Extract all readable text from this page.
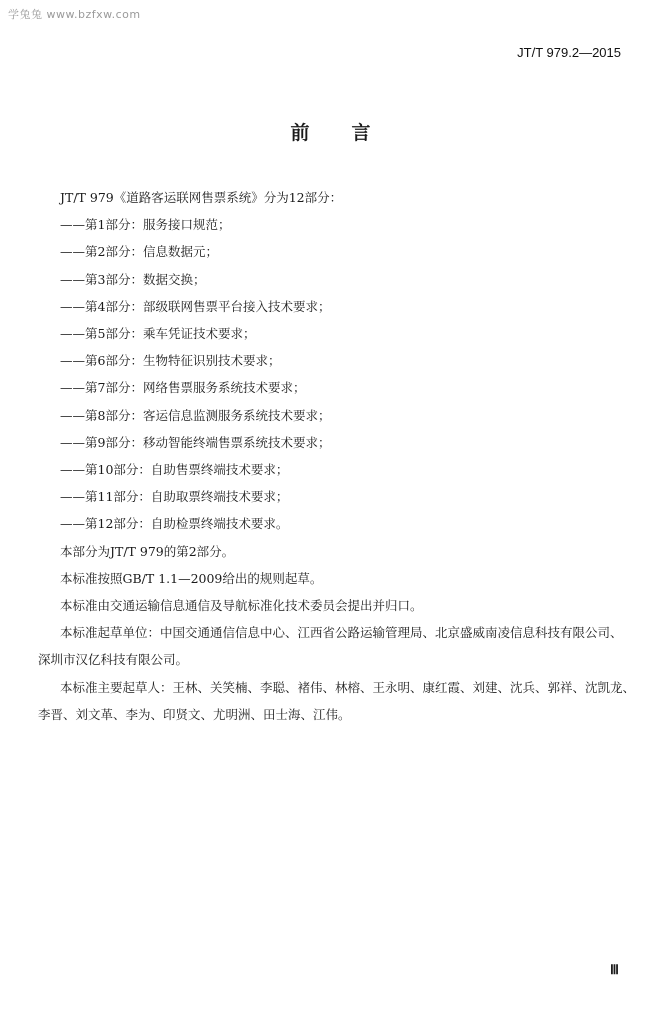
学兔兔 www.bzfxw.com
JT/T 979.2—2015
前 言
JT/T 979《道路客运联网售票系统》分为12部分：
——第1部分：服务接口规范；
——第2部分：信息数据元；
——第3部分：数据交换；
——第4部分：部级联网售票平台接入技术要求；
——第5部分：乘车凭证技术要求；
——第6部分：生物特征识别技术要求；
——第7部分：网络售票服务系统技术要求；
——第8部分：客运信息监测服务系统技术要求；
——第9部分：移动智能终端售票系统技术要求；
——第10部分：自助售票终端技术要求；
——第11部分：自助取票终端技术要求；
——第12部分：自助检票终端技术要求。
本部分为JT/T 979的第2部分。
本标准按照GB/T 1.1—2009给出的规则起草。
本标准由交通运输信息通信及导航标准化技术委员会提出并归口。
本标准起草单位：中国交通通信信息中心、江西省公路运输管理局、北京盛威南凌信息科技有限公司、
深圳市汉亿科技有限公司。
本标准主要起草人：王林、关笑楠、李聪、褚伟、林榕、王永明、康红霞、刘建、沈兵、郭祥、沈凯龙、
李晋、刘文革、李为、印贤文、尤明洲、田士海、江伟。
Ⅲ
